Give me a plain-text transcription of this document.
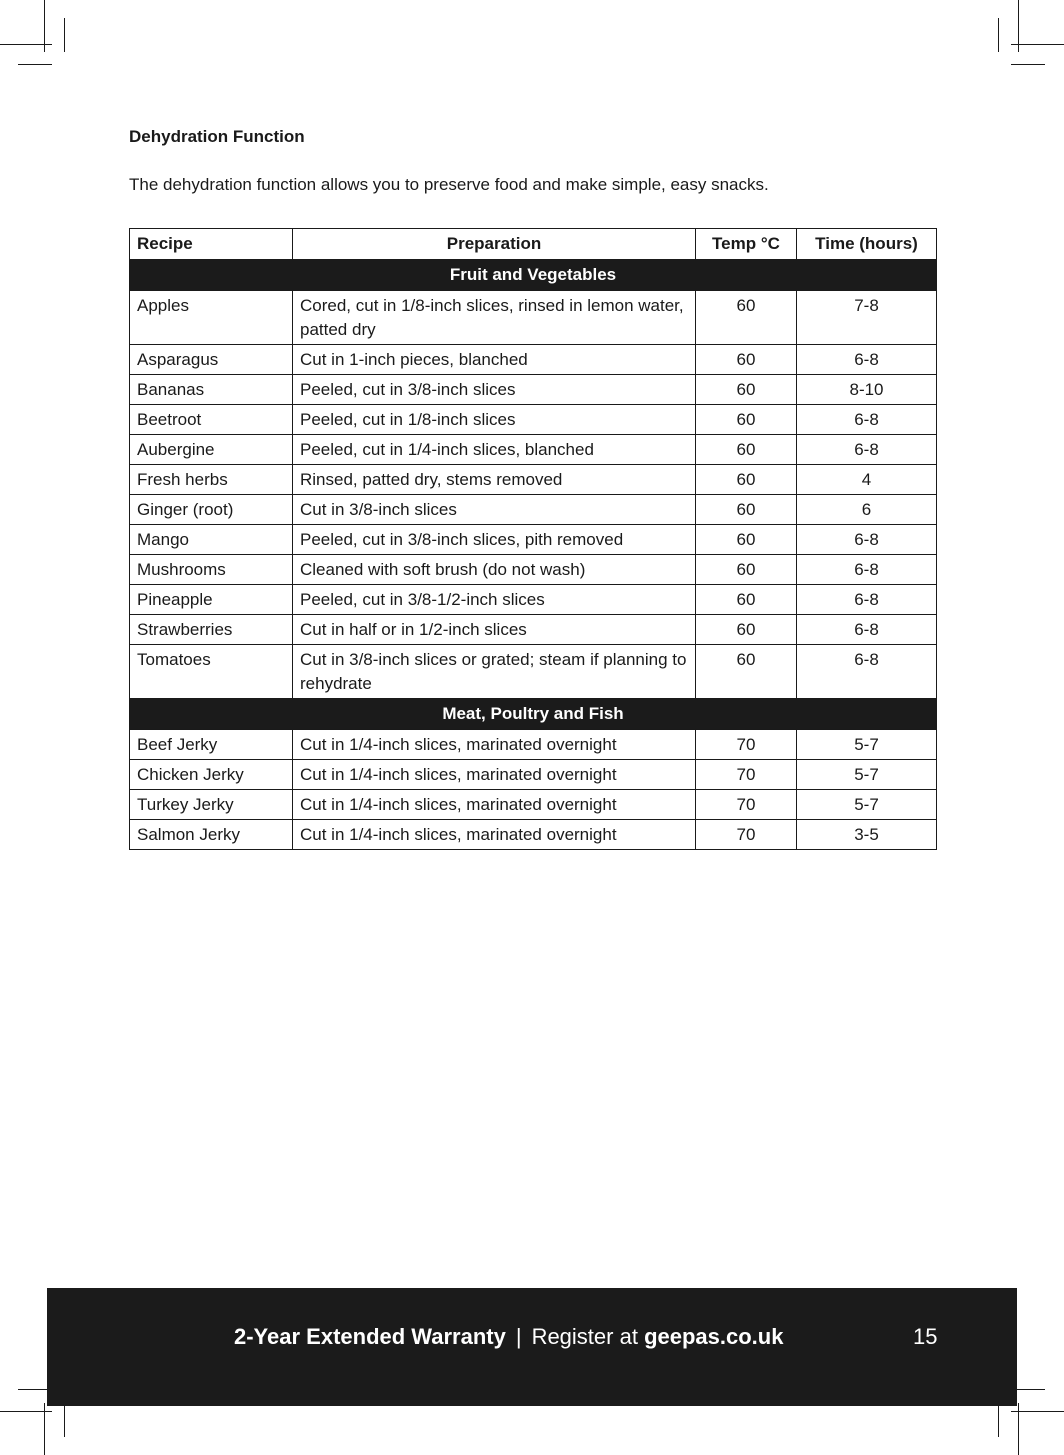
Dehydration Function

The dehydration function allows you to preserve food and make simple, easy snacks.

Recipe	Preparation	Temp °C	Time (hours)
Fruit and Vegetables			
Apples	Cored, cut in 1/8-inch slices, rinsed in lemon water, patted dry	60	7-8
Asparagus	Cut in 1-inch pieces, blanched	60	6-8
Bananas	Peeled, cut in 3/8-inch slices	60	8-10
Beetroot	Peeled, cut in 1/8-inch slices	60	6-8
Aubergine	Peeled, cut in 1/4-inch slices, blanched	60	6-8
Fresh herbs	Rinsed, patted dry, stems removed	60	4
Ginger (root)	Cut in 3/8-inch slices	60	6
Mango	Peeled, cut in 3/8-inch slices, pith removed	60	6-8
Mushrooms	Cleaned with soft brush (do not wash)	60	6-8
Pineapple	Peeled, cut in 3/8-1/2-inch slices	60	6-8
Strawberries	Cut in half or in 1/2-inch slices	60	6-8
Tomatoes	Cut in 3/8-inch slices or grated; steam if planning to rehydrate	60	6-8
Meat, Poultry and Fish			
Beef Jerky	Cut in 1/4-inch slices, marinated overnight	70	5-7
Chicken Jerky	Cut in 1/4-inch slices, marinated overnight	70	5-7
Turkey Jerky	Cut in 1/4-inch slices, marinated overnight	70	5-7
Salmon Jerky	Cut in 1/4-inch slices, marinated overnight	70	3-5
2-Year Extended Warranty | Register at geepas.co.uk	15
